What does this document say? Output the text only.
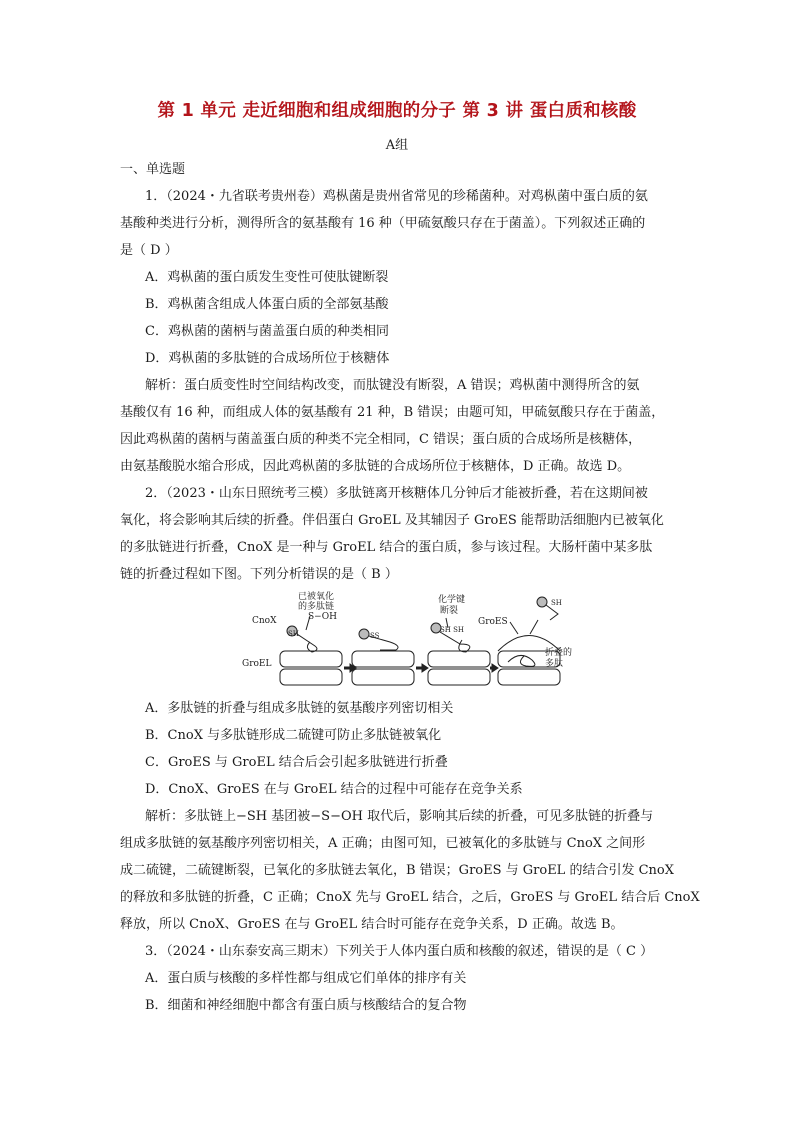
第 1 单元 走近细胞和组成细胞的分子 第 3 讲 蛋白质和核酸
A组
一、单选题
1．（2024・九省联考贵州卷）鸡枞菌是贵州省常见的珍稀菌种。对鸡枞菌中蛋白质的氨
基酸种类进行分析，测得所含的氨基酸有 16 种（甲硫氨酸只存在于菌盖）。下列叙述正确的
是（ D ）
A．鸡枞菌的蛋白质发生变性可使肽键断裂
B．鸡枞菌含组成人体蛋白质的全部氨基酸
C．鸡枞菌的菌柄与菌盖蛋白质的种类相同
D．鸡枞菌的多肽链的合成场所位于核糖体
解析：蛋白质变性时空间结构改变，而肽键没有断裂，A 错误；鸡枞菌中测得所含的氨
基酸仅有 16 种，而组成人体的氨基酸有 21 种，B 错误；由题可知，甲硫氨酸只存在于菌盖，
因此鸡枞菌的菌柄与菌盖蛋白质的种类不完全相同，C 错误；蛋白质的合成场所是核糖体，
由氨基酸脱水缩合形成，因此鸡枞菌的多肽链的合成场所位于核糖体，D 正确。故选 D。
2．（2023・山东日照统考三模）多肽链离开核糖体几分钟后才能被折叠，若在这期间被
氧化，将会影响其后续的折叠。伴侣蛋白 GroEL 及其辅因子 GroES 能帮助活细胞内已被氧化
的多肽链进行折叠，CnoX 是一种与 GroEL 结合的蛋白质，参与该过程。大肠杆菌中某多肽
链的折叠过程如下图。下列分析错误的是（ B ）
已被氧化
的多肽链
S−OH
CnoX
SH
GroEL
SS
化学键
断裂
SH SH
GroES
SH
折叠的
多肽
A．多肽链的折叠与组成多肽链的氨基酸序列密切相关
B．CnoX 与多肽链形成二硫键可防止多肽链被氧化
C．GroES 与 GroEL 结合后会引起多肽链进行折叠
D．CnoX、GroES 在与 GroEL 结合的过程中可能存在竞争关系
解析：多肽链上−SH 基团被−S−OH 取代后，影响其后续的折叠，可见多肽链的折叠与
组成多肽链的氨基酸序列密切相关，A 正确；由图可知，已被氧化的多肽链与 CnoX 之间形
成二硫键，二硫键断裂，已氧化的多肽链去氧化，B 错误；GroES 与 GroEL 的结合引发 CnoX
的释放和多肽链的折叠，C 正确；CnoX 先与 GroEL 结合，之后，GroES 与 GroEL 结合后 CnoX
释放，所以 CnoX、GroES 在与 GroEL 结合时可能存在竞争关系，D 正确。故选 B。
3．（2024・山东泰安高三期末）下列关于人体内蛋白质和核酸的叙述，错误的是（ C ）
A．蛋白质与核酸的多样性都与组成它们单体的排序有关
B．细菌和神经细胞中都含有蛋白质与核酸结合的复合物
